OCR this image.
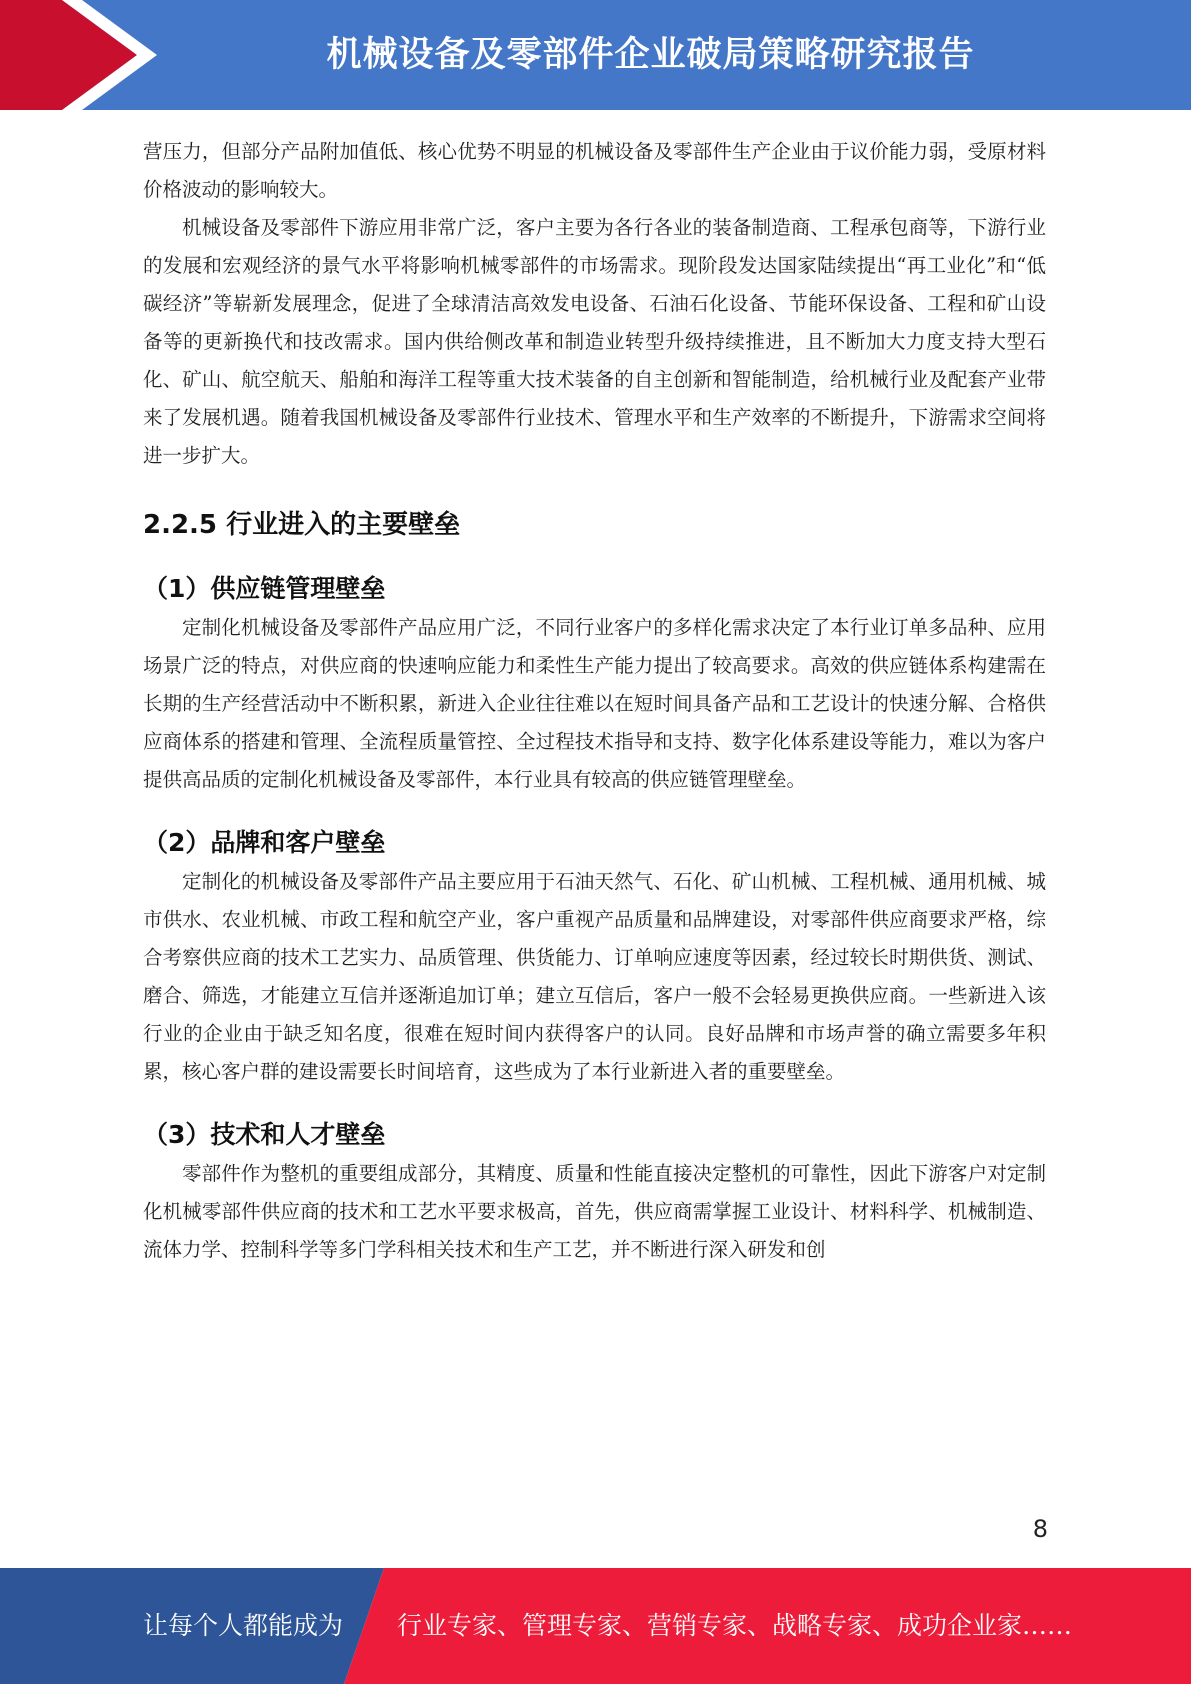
机械设备及零部件企业破局策略研究报告

营压力，但部分产品附加值低、核心优势不明显的机械设备及零部件生产企业由于议价能力弱，受原材料价格波动的影响较大。

机械设备及零部件下游应用非常广泛，客户主要为各行各业的装备制造商、工程承包商等，下游行业的发展和宏观经济的景气水平将影响机械零部件的市场需求。现阶段发达国家陆续提出“再工业化”和“低碳经济”等崭新发展理念，促进了全球清洁高效发电设备、石油石化设备、节能环保设备、工程和矿山设备等的更新换代和技改需求。国内供给侧改革和制造业转型升级持续推进，且不断加大力度支持大型石化、矿山、航空航天、船舶和海洋工程等重大技术装备的自主创新和智能制造，给机械行业及配套产业带来了发展机遇。随着我国机械设备及零部件行业技术、管理水平和生产效率的不断提升，下游需求空间将进一步扩大。

2.2.5 行业进入的主要壁垒
（1）供应链管理壁垒

定制化机械设备及零部件产品应用广泛，不同行业客户的多样化需求决定了本行业订单多品种、应用场景广泛的特点，对供应商的快速响应能力和柔性生产能力提出了较高要求。高效的供应链体系构建需在长期的生产经营活动中不断积累，新进入企业往往难以在短时间具备产品和工艺设计的快速分解、合格供应商体系的搭建和管理、全流程质量管控、全过程技术指导和支持、数字化体系建设等能力，难以为客户提供高品质的定制化机械设备及零部件，本行业具有较高的供应链管理壁垒。

（2）品牌和客户壁垒

定制化的机械设备及零部件产品主要应用于石油天然气、石化、矿山机械、工程机械、通用机械、城市供水、农业机械、市政工程和航空产业，客户重视产品质量和品牌建设，对零部件供应商要求严格，综合考察供应商的技术工艺实力、品质管理、供货能力、订单响应速度等因素，经过较长时期供货、测试、磨合、筛选，才能建立互信并逐渐追加订单；建立互信后，客户一般不会轻易更换供应商。一些新进入该行业的企业由于缺乏知名度，很难在短时间内获得客户的认同。良好品牌和市场声誉的确立需要多年积累，核心客户群的建设需要长时间培育，这些成为了本行业新进入者的重要壁垒。

（3）技术和人才壁垒

零部件作为整机的重要组成部分，其精度、质量和性能直接决定整机的可靠性，因此下游客户对定制化机械零部件供应商的技术和工艺水平要求极高，首先，供应商需掌握工业设计、材料科学、机械制造、流体力学、控制科学等多门学科相关技术和生产工艺，并不断进行深入研发和创

8
让每个人都能成为 行业专家、管理专家、营销专家、战略专家、成功企业家……
